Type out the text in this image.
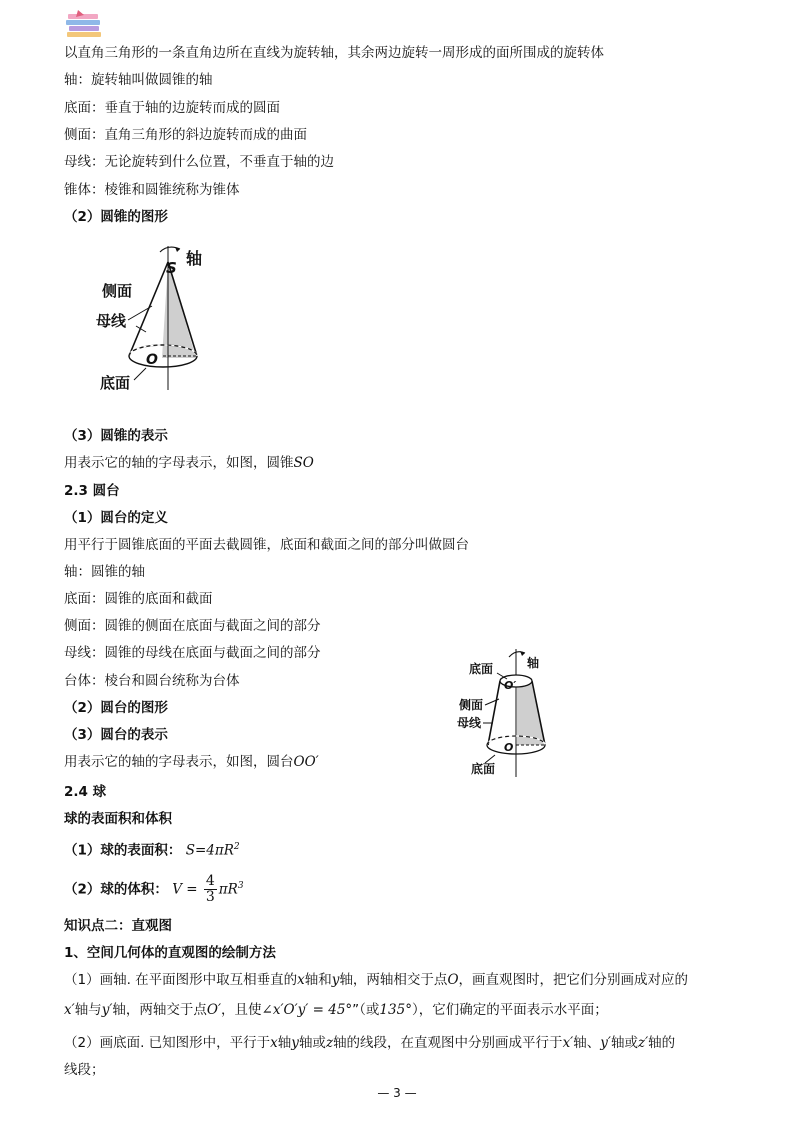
以直角三角形的一条直角边所在直线为旋转轴，其余两边旋转一周形成的面所围成的旋转体
轴：旋转轴叫做圆锥的轴
底面：垂直于轴的边旋转而成的圆面
侧面：直角三角形的斜边旋转而成的曲面
母线：无论旋转到什么位置，不垂直于轴的边
锥体：棱锥和圆锥统称为锥体
（2）圆锥的图形
S 轴
侧面
母线
O
底面
（3）圆锥的表示
用表示它的轴的字母表示，如图，圆锥SO
2.3 圆台
（1）圆台的定义
用平行于圆锥底面的平面去截圆锥，底面和截面之间的部分叫做圆台
轴：圆锥的轴
底面：圆锥的底面和截面
侧面：圆锥的侧面在底面与截面之间的部分
母线：圆锥的母线在底面与截面之间的部分
台体：棱台和圆台统称为台体
（2）圆台的图形
（3）圆台的表示
用表示它的轴的字母表示，如图，圆台OO′
轴
底面
O′
侧面
母线
O
底面
2.4 球
球的表面积和体积
（1）球的表面积： $S=4\pi R^2$
（2）球的体积： $V = \frac{4}{3} \pi R^3$
知识点二：直观图
1、空间几何体的直观图的绘制方法
（1）画轴. 在平面图形中取互相垂直的x轴和y轴，两轴相交于点O，画直观图时，把它们分别画成对应的
x′轴与y′轴，两轴交于点O′，且使∠x′O′y′ = 45°”（或135°），它们确定的平面表示水平面；
（2）画底面. 已知图形中，平行于x轴y轴或z轴的线段，在直观图中分别画成平行于x′轴、y′轴或z′轴的
线段；
— 3 —
